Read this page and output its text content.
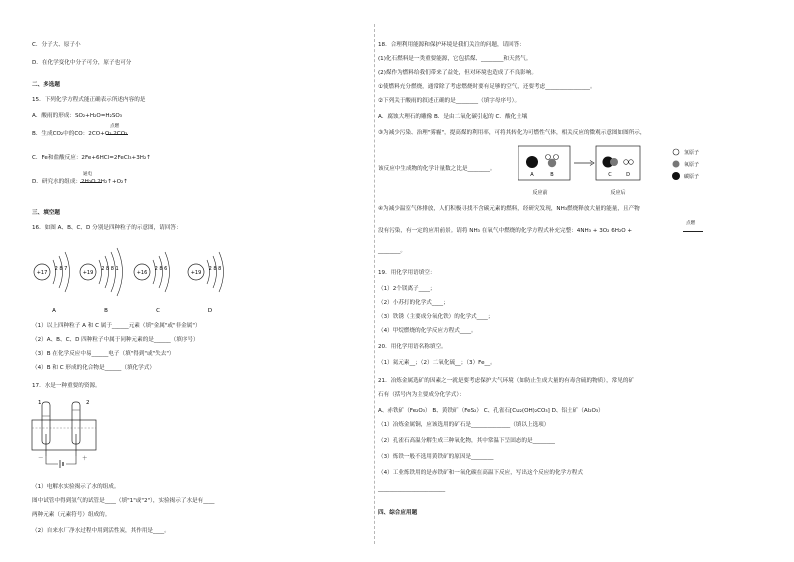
C．分子大、原子小
D．在化学变化中分子可分，原子也可分
二、多选题
15．下列化学方程式能正确表示所述内容的是
A．酸雨的形成：SO₂+H₂O=H₂SO₃
点燃
B．生成CO₂中的CO：2CO+O₂ 2CO₂
C．Fe和盐酸反应：2Fe+6HCl=2FeCl₃+3H₂↑
通电
D．研究水的组成：2H₂O 2H₂↑+O₂↑
三、填空题
16．如图 A、B、C、D 分别是四种粒子的示意图，请回答：
+17
2 8 7
+19
2 8 8 1
+16
2 8 6
+19
2 8 8
A	B	C	D
（1）以上四种粒子 A 和 C 属于______元素（填"金属"或"非金属"）
（2）A、B、C、D 四种粒子中属于同种元素的是______（填序号）
（3）B 在化学反应中易______电子（填"得到"或"失去"）
（4）B 和 C 形成的化合物是______（填化学式）
17．水是一种重要的资源。
1	2
－	＋
（1）电解水实验揭示了水的组成。
图中试管中得到氢气的试管是____（填"1"或"2"），实验揭示了水是有____
两种元素（元素符号）组成的。
（2）自来水厂净水过程中用到活性炭，其作用是____。
18．合理利用能源和保护环境是我们关注的问题，请回答：
(1)化石燃料是一类重要能源，它包括煤、________和天然气。
(2)煤作为燃料给我们带来了益处，但对环境也造成了不良影响。
①使燃料充分燃烧，通常除了考虑燃烧时要有足够的空气，还要考虑________________。
②下列关于酸雨的叙述正确的是________（填字母序号）。
A．腐蚀大理石的雕像 B．是由二氧化碳引起的 C．酸化土壤
③为减少污染、治理"雾霾"，提高煤的利用率，可将其转化为可燃性气体，相关反应的微观示意图如图所示，
该反应中生成物的化学计量数之比是________。
A	B	C	D
反应前	反应后
氢原子
氧原子
碳原子
④为减少温室气体排放，人们积极寻找不含碳元素的燃料，经研究发现，NH₃燃烧释放大量的能量，且产物
点燃
没有污染，有一定的应用前景。请将 NH₃ 在氧气中燃烧的化学方程式补充完整：4NH₃ + 3O₂ 6H₂O +
________。
19．用化学用语填空：
（1）2个镁离子____；
（2）小苏打的化学式____；
（3）铁锈（主要成分氧化铁）的化学式____；
（4）甲烷燃烧的化学反应方程式____。
20．用化学用语名称填空。
（1）氦元素__；（2）二氧化硫__；（3）Fe__。
21．冶炼金属选矿的因素之一就是要考虑保护大气环境（如防止生成大量的有毒含硫的物质），常见的矿
石有（括号内为主要成分化学式）：
A、赤铁矿（Fe₂O₃） B、黄铁矿（FeS₂） C、孔雀石[Cu₂(OH)₂CO₃] D、铝土矿（Al₂O₃）
（1）冶炼金属铜，应该选用的矿石是______________（填以上选项）
（2）孔雀石高温分解生成三种氧化物，其中常温下呈固态的是________
（3）炼铁一般不选用黄铁矿的原因是________
（4）工业炼铁用的是赤铁矿和一氧化碳在高温下反应，写出这个反应的化学方程式
________________________
四、综合应用题
